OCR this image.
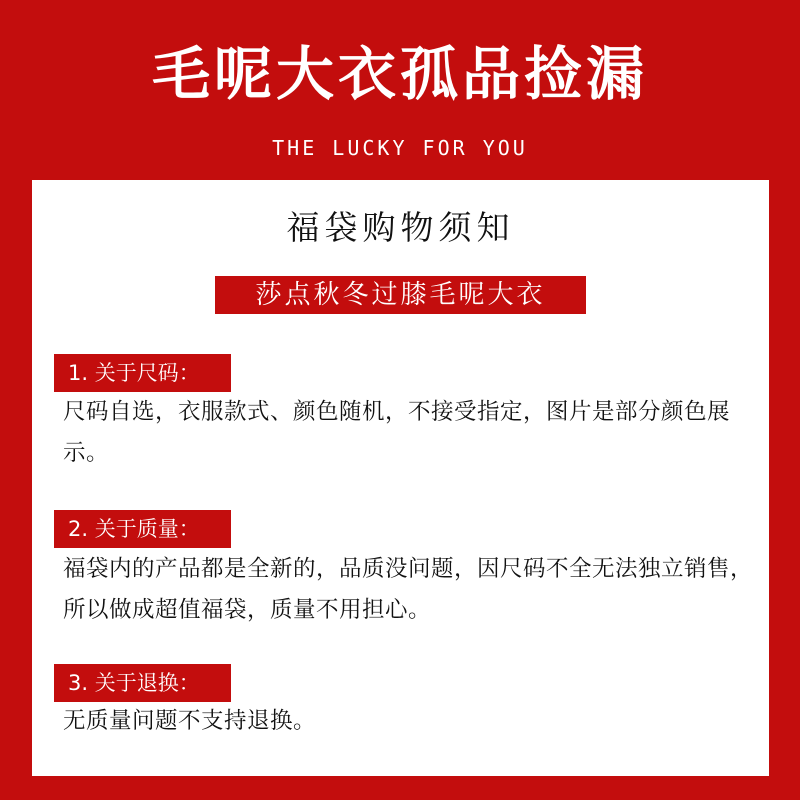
毛呢大衣孤品捡漏
THE LUCKY FOR YOU
福袋购物须知
莎点秋冬过膝毛呢大衣
1. 关于尺码：
尺码自选，衣服款式、颜色随机，不接受指定，图片是部分颜色展示。
2. 关于质量：
福袋内的产品都是全新的，品质没问题，因尺码不全无法独立销售，所以做成超值福袋，质量不用担心。
3. 关于退换：
无质量问题不支持退换。
